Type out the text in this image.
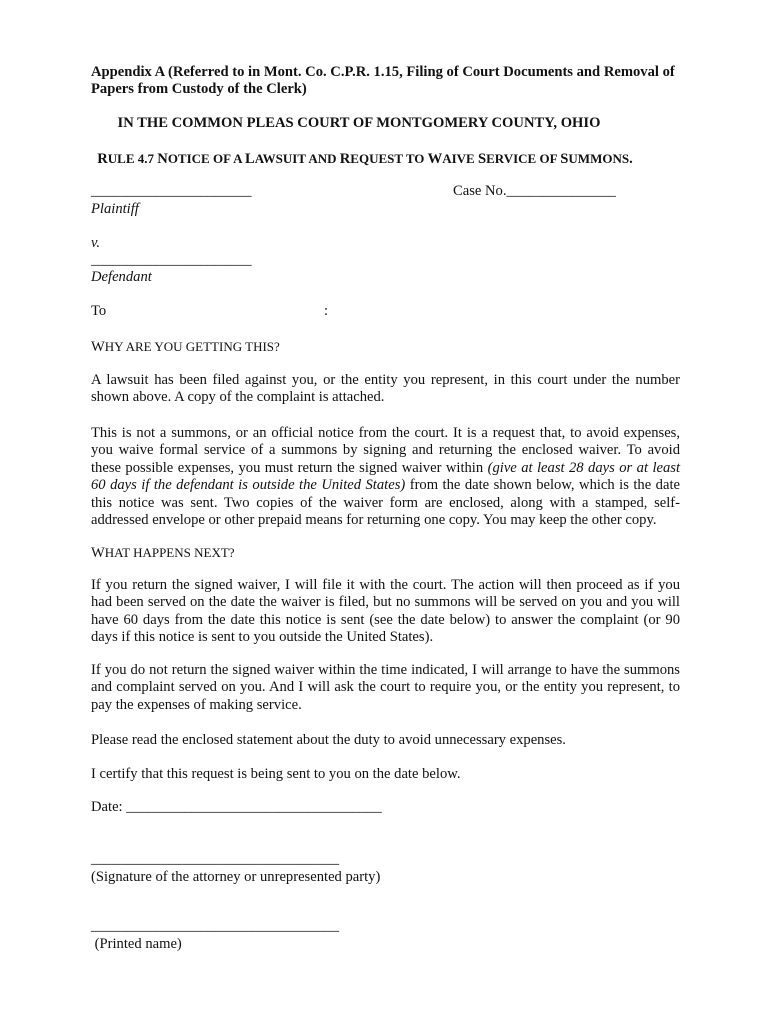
Appendix A (Referred to in Mont. Co. C.P.R. 1.15, Filing of Court Documents and Removal of Papers from Custody of the Clerk)
IN THE COMMON PLEAS COURT OF MONTGOMERY COUNTY, OHIO
RULE 4.7 NOTICE OF A LAWSUIT AND REQUEST TO WAIVE SERVICE OF SUMMONS.
______________________	Case No._______________
Plaintiff
v.
______________________
Defendant
To	:
WHY ARE YOU GETTING THIS?
A lawsuit has been filed against you, or the entity you represent, in this court under the number shown above. A copy of the complaint is attached.
This is not a summons, or an official notice from the court. It is a request that, to avoid expenses, you waive formal service of a summons by signing and returning the enclosed waiver. To avoid these possible expenses, you must return the signed waiver within (give at least 28 days or at least 60 days if the defendant is outside the United States) from the date shown below, which is the date this notice was sent. Two copies of the waiver form are enclosed, along with a stamped, self-addressed envelope or other prepaid means for returning one copy. You may keep the other copy.
WHAT HAPPENS NEXT?
If you return the signed waiver, I will file it with the court. The action will then proceed as if you had been served on the date the waiver is filed, but no summons will be served on you and you will have 60 days from the date this notice is sent (see the date below) to answer the complaint (or 90 days if this notice is sent to you outside the United States).
If you do not return the signed waiver within the time indicated, I will arrange to have the summons and complaint served on you. And I will ask the court to require you, or the entity you represent, to pay the expenses of making service.
Please read the enclosed statement about the duty to avoid unnecessary expenses.
I certify that this request is being sent to you on the date below.
Date: ___________________________________
__________________________________
(Signature of the attorney or unrepresented party)
__________________________________
(Printed name)
